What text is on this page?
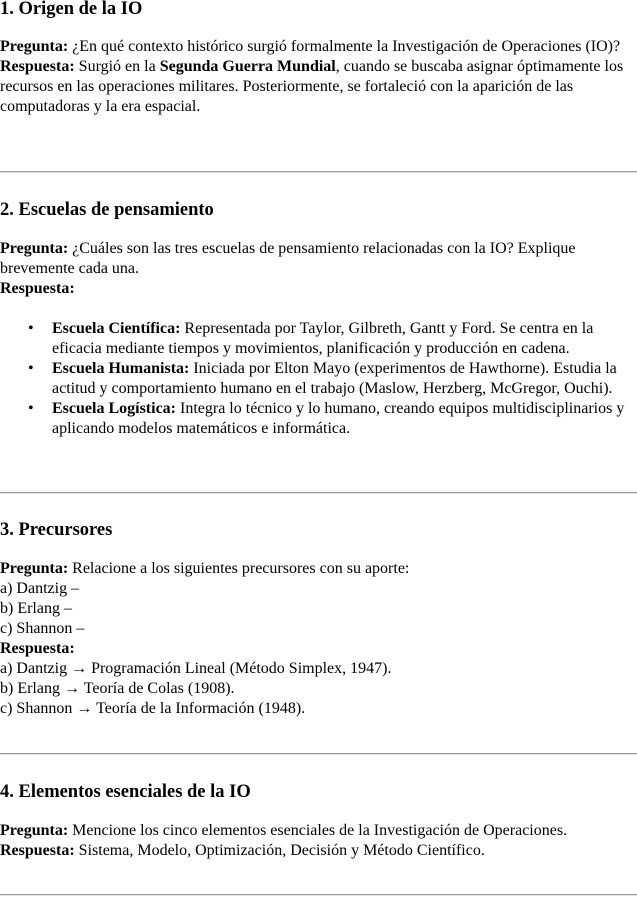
1. Origen de la IO

Pregunta: ¿En qué contexto histórico surgió formalmente la Investigación de Operaciones (IO)?

Respuesta: Surgió en la Segunda Guerra Mundial, cuando se buscaba asignar óptimamente los recursos en las operaciones militares. Posteriormente, se fortaleció con la aparición de las computadoras y la era espacial.

2. Escuelas de pensamiento

Pregunta: ¿Cuáles son las tres escuelas de pensamiento relacionadas con la IO? Explique brevemente cada una.

Respuesta:

• Escuela Científica: Representada por Taylor, Gilbreth, Gantt y Ford. Se centra en la eficacia mediante tiempos y movimientos, planificación y producción en cadena.
• Escuela Humanista: Iniciada por Elton Mayo (experimentos de Hawthorne). Estudia la actitud y comportamiento humano en el trabajo (Maslow, Herzberg, McGregor, Ouchi).
• Escuela Logística: Integra lo técnico y lo humano, creando equipos multidisciplinarios y aplicando modelos matemáticos e informática.
3. Precursores

Pregunta: Relacione a los siguientes precursores con su aporte:

a) Dantzig –

b) Erlang –

c) Shannon –

Respuesta:

a) Dantzig → Programación Lineal (Método Simplex, 1947).

b) Erlang → Teoría de Colas (1908).

c) Shannon → Teoría de la Información (1948).

4. Elementos esenciales de la IO

Pregunta: Mencione los cinco elementos esenciales de la Investigación de Operaciones.

Respuesta: Sistema, Modelo, Optimización, Decisión y Método Científico.
